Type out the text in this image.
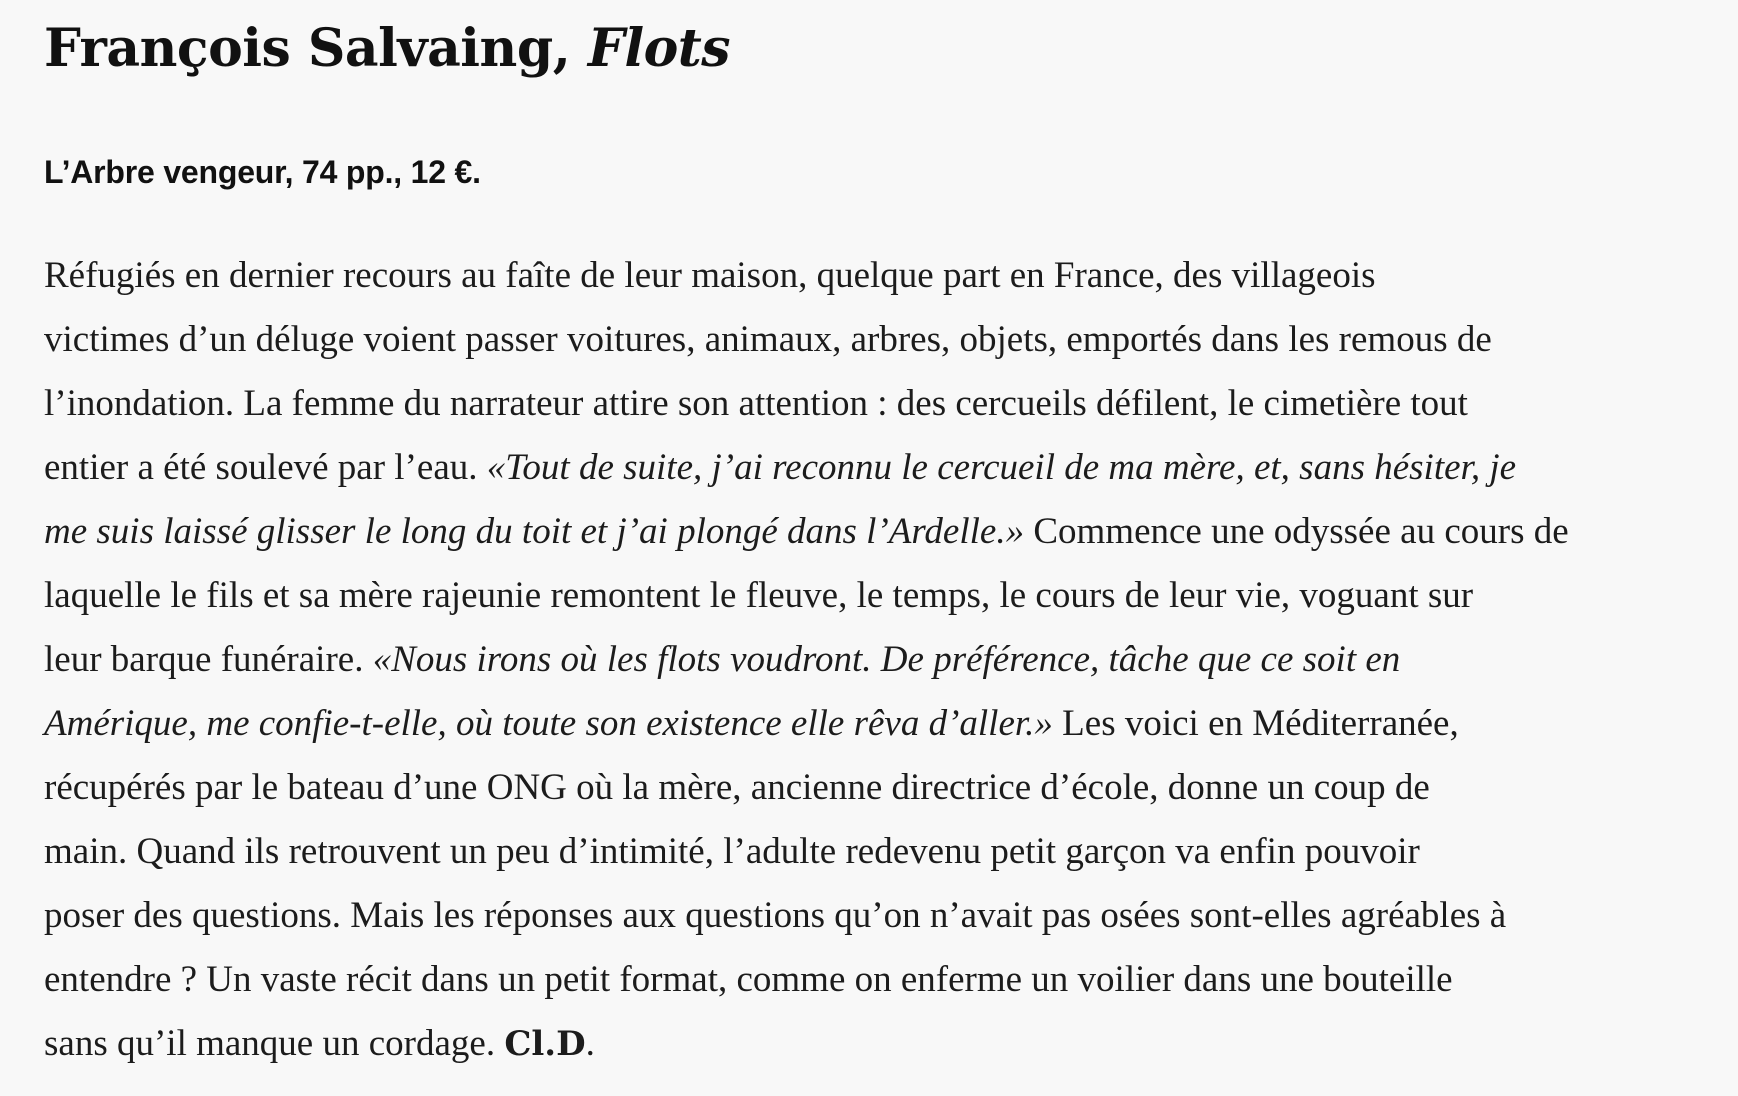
François Salvaing, Flots

L’Arbre vengeur, 74 pp., 12 €.

Réfugiés en dernier recours au faîte de leur maison, quelque part en France, des villageois
victimes d’un déluge voient passer voitures, animaux, arbres, objets, emportés dans les remous de
l’inondation. La femme du narrateur attire son attention : des cercueils défilent, le cimetière tout
entier a été soulevé par l’eau. «Tout de suite, j’ai reconnu le cercueil de ma mère, et, sans hésiter, je
me suis laissé glisser le long du toit et j’ai plongé dans l’Ardelle.» Commence une odyssée au cours de
laquelle le fils et sa mère rajeunie remontent le fleuve, le temps, le cours de leur vie, voguant sur
leur barque funéraire. «Nous irons où les flots voudront. De préférence, tâche que ce soit en
Amérique, me confie-t-elle, où toute son existence elle rêva d’aller.» Les voici en Méditerranée,
récupérés par le bateau d’une ONG où la mère, ancienne directrice d’école, donne un coup de
main. Quand ils retrouvent un peu d’intimité, l’adulte redevenu petit garçon va enfin pouvoir
poser des questions. Mais les réponses aux questions qu’on n’avait pas osées sont-elles agréables à
entendre ? Un vaste récit dans un petit format, comme on enferme un voilier dans une bouteille
sans qu’il manque un cordage. Cl.D.
